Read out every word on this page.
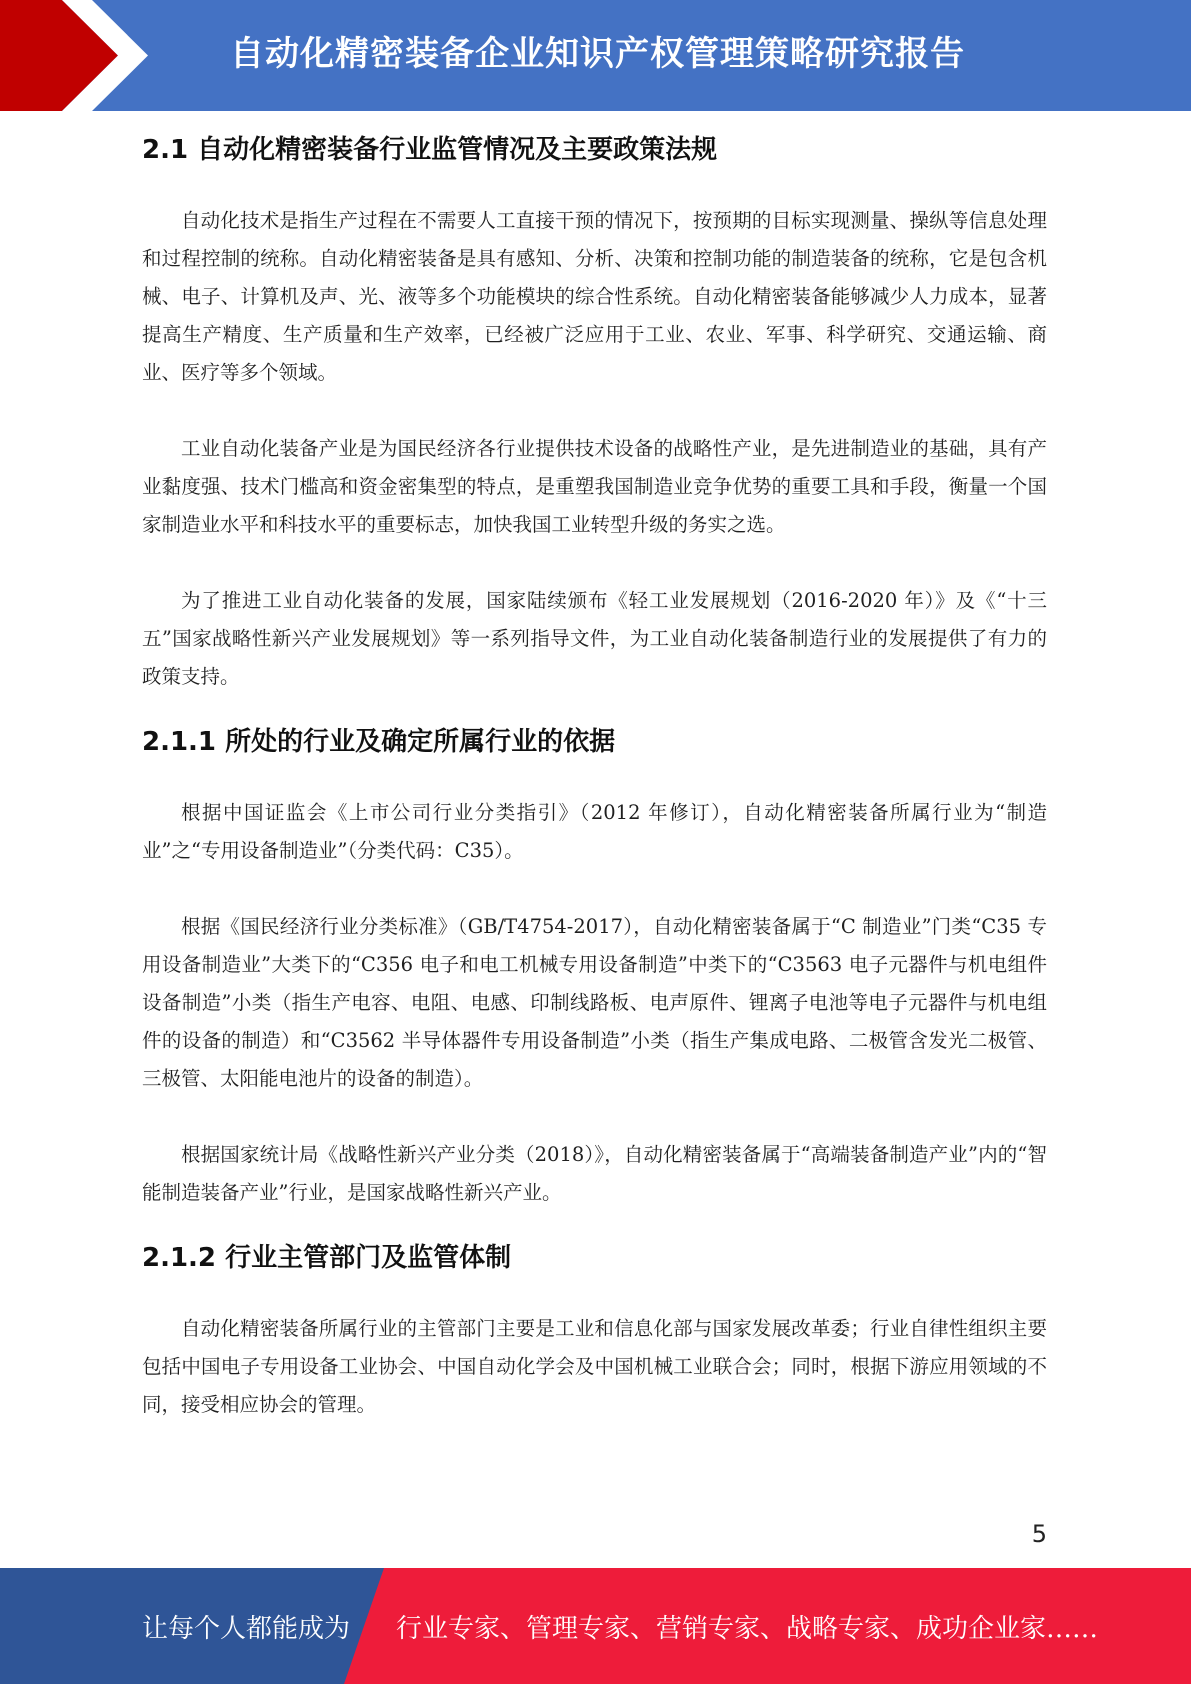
自动化精密装备企业知识产权管理策略研究报告
2.1 自动化精密装备行业监管情况及主要政策法规

自动化技术是指生产过程在不需要人工直接干预的情况下，按预期的目标实现测量、操纵等信息处理和过程控制的统称。自动化精密装备是具有感知、分析、决策和控制功能的制造装备的统称，它是包含机械、电子、计算机及声、光、液等多个功能模块的综合性系统。自动化精密装备能够减少人力成本，显著提高生产精度、生产质量和生产效率，已经被广泛应用于工业、农业、军事、科学研究、交通运输、商业、医疗等多个领域。

工业自动化装备产业是为国民经济各行业提供技术设备的战略性产业，是先进制造业的基础，具有产业黏度强、技术门槛高和资金密集型的特点，是重塑我国制造业竞争优势的重要工具和手段，衡量一个国家制造业水平和科技水平的重要标志，加快我国工业转型升级的务实之选。

为了推进工业自动化装备的发展，国家陆续颁布《轻工业发展规划（2016-2020 年）》及《“十三五”国家战略性新兴产业发展规划》等一系列指导文件，为工业自动化装备制造行业的发展提供了有力的政策支持。

2.1.1 所处的行业及确定所属行业的依据

根据中国证监会《上市公司行业分类指引》（2012 年修订），自动化精密装备所属行业为“制造业”之“专用设备制造业”（分类代码：C35）。

根据《国民经济行业分类标准》（GB/T4754-2017），自动化精密装备属于“C 制造业”门类“C35 专用设备制造业”大类下的“C356 电子和电工机械专用设备制造”中类下的“C3563 电子元器件与机电组件设备制造”小类（指生产电容、电阻、电感、印制线路板、电声原件、锂离子电池等电子元器件与机电组件的设备的制造）和“C3562 半导体器件专用设备制造”小类（指生产集成电路、二极管含发光二极管、三极管、太阳能电池片的设备的制造）。

根据国家统计局《战略性新兴产业分类（2018）》，自动化精密装备属于“高端装备制造产业”内的“智能制造装备产业”行业，是国家战略性新兴产业。

2.1.2 行业主管部门及监管体制

自动化精密装备所属行业的主管部门主要是工业和信息化部与国家发展改革委；行业自律性组织主要包括中国电子专用设备工业协会、中国自动化学会及中国机械工业联合会；同时，根据下游应用领域的不同，接受相应协会的管理。

5
让每个人都能成为 行业专家、管理专家、营销专家、战略专家、成功企业家……
